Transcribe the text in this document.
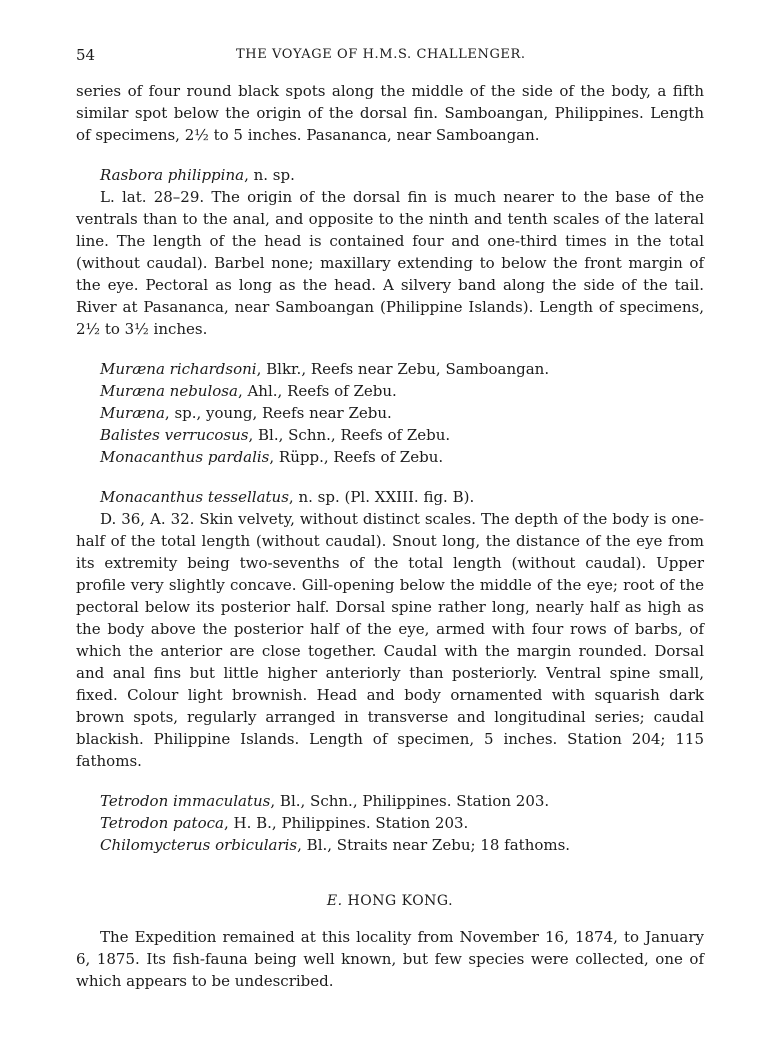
54	THE VOYAGE OF H.M.S. CHALLENGER.

series of four round black spots along the middle of the side of the body, a fifth similar spot below the origin of the dorsal fin. Samboangan, Philippines. Length of specimens, 2½ to 5 inches. Pasananca, near Samboangan.

Rasbora philippina, n. sp.

L. lat. 28–29. The origin of the dorsal fin is much nearer to the base of the ventrals than to the anal, and opposite to the ninth and tenth scales of the lateral line. The length of the head is contained four and one-third times in the total (without caudal). Barbel none; maxillary extending to below the front margin of the eye. Pectoral as long as the head. A silvery band along the side of the tail. River at Pasananca, near Samboangan (Philippine Islands). Length of specimens, 2½ to 3½ inches.

Muræna richardsoni, Blkr., Reefs near Zebu, Samboangan.

Muræna nebulosa, Ahl., Reefs of Zebu.

Muræna, sp., young, Reefs near Zebu.

Balistes verrucosus, Bl., Schn., Reefs of Zebu.

Monacanthus pardalis, Rüpp., Reefs of Zebu.

Monacanthus tessellatus, n. sp. (Pl. XXIII. fig. B).

D. 36, A. 32. Skin velvety, without distinct scales. The depth of the body is one-half of the total length (without caudal). Snout long, the distance of the eye from its extremity being two-sevenths of the total length (without caudal). Upper profile very slightly concave. Gill-opening below the middle of the eye; root of the pectoral below its posterior half. Dorsal spine rather long, nearly half as high as the body above the posterior half of the eye, armed with four rows of barbs, of which the anterior are close together. Caudal with the margin rounded. Dorsal and anal fins but little higher anteriorly than posteriorly. Ventral spine small, fixed. Colour light brownish. Head and body ornamented with squarish dark brown spots, regularly arranged in transverse and longitudinal series; caudal blackish. Philippine Islands. Length of specimen, 5 inches. Station 204; 115 fathoms.

Tetrodon immaculatus, Bl., Schn., Philippines. Station 203.

Tetrodon patoca, H. B., Philippines. Station 203.

Chilomycterus orbicularis, Bl., Straits near Zebu; 18 fathoms.

E. HONG KONG.

The Expedition remained at this locality from November 16, 1874, to January 6, 1875. Its fish-fauna being well known, but few species were collected, one of which appears to be undescribed.
